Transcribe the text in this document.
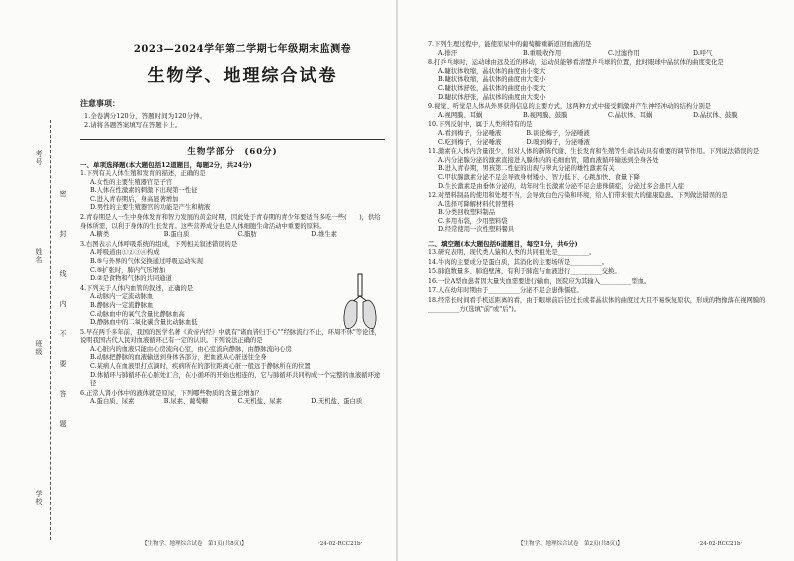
考号
姓名
密
封
线
内
不
要
答
题
班级
学校
2023—2024学年第二学期七年级期末监测卷
生物学、地理综合试卷
注意事项：
1.全卷满分120分，答题时间为120分钟。
2.请将各题答案填写在答题卡上。
生物学部分　(60分)
一、单项选择题(本大题包括12道题目，每题2分，共24分)
1.下列有关人体生殖和发育的描述，正确的是
A.女性的主要生殖器官是子宫
B.人体在性激素的刺激下出现第一性征
C.进入青春期后，身高显著增加
D.男性的主要生殖器官的功能是产生和精液
2.青春期是人一生中身体发育和智力发展的黄金时期，因此处于青春期的青少年要适当多吃一些(　　)，供给身体所需，以利于身体的生长发育。这些营养成分也是人体细胞生命活动中重要的原料。
A.糖类	B.蛋白质	C.脂肪	D.维生素
3.右图表示人体呼吸系统的组成，下列相关叙述错误的是
A.呼吸道由①②③④构成
B.⑤与外界的气体交换通过呼吸运动实现
C.⑤扩张时，肺内气压增加
D.②是食物和气体的共同通道
4.下列关于人体内血管的叙述，正确的是
A.动脉内一定流动脉血
B.静脉内一定流静脉血
C.动脉血中的氧气含量比静脉血高
D.静脉血中的二氧化碳含量比动脉血低
5.早在两千多年前，我国的医学名著《黄帝内经》中就有"诸血皆归于心""经脉流行不止，环周不休"等论述，说明我国古代人民对血液循环已有一定的认识。下列说法正确的是
A.心脏内的血液只能由心房流向心室，由心室流向静脉，由静脉流向心房
B.动脉把静脉的血液输送到身体各部分，把血液从心脏送往全身
C.某病人在血液里打点滴时，疾病所在的部位距离心脏一般远于静脉所在的位置
D.体循环与肺循环在心脏处汇合，在小循环的开始也相连的，它与肺循环共同构成一个完整的血液循环途径
6.正常人肾小体中的液体就是原尿，下列哪些物质的含量会增加？
A.蛋白质、尿素	B.尿素、葡萄糖	C.无机盐、尿素	D.无机盐、蛋白质
【生物学、地理综合试卷　第1页(共8页)】	·24-02-RCC21b·
7.下列生理过程中，能使原尿中的葡萄糖重新返回血液的是
A.排汗	B.重吸收作用	C.过滤作用	D.呼气
8.打乒乓球时，运动球由远及近的移动，运动员能够看清楚乒乓球的位置，此时眼球中晶状体的曲度变化是
A.睫状体收缩，晶状体的曲度由小变大
B.睫状体收缩，晶状体的曲度由大变小
C.睫状体舒张，晶状体的曲度由小变大
D.睫状体舒张，晶状体的曲度由大变小
9.视觉、听觉是人体从外界获得信息的主要方式，这两种方式中接受刺激并产生神经冲动的结构分别是
A.视网膜、耳蜗	B.视网膜、鼓膜	C.晶状体、耳蜗	D.晶状体、鼓膜
10.下列反射中，属于人类所特有的是
A.看到梅子，分泌唾液　　　　B.谈论梅子，分泌唾液
C.吃到梅子，分泌唾液　　　　D.嗅到梅子，分泌唾液
11.激素在人体内含量很少，但对人体的新陈代谢、生长发育和生殖等生命活动具有重要的调节作用。下列说法错误的是
A.内分泌腺分泌的激素直接进入腺体内的毛细血管，随血液循环输送到全身各处
B.进入青春期，男孩第二性征的出现与睾丸分泌的雄性激素有关
C.甲状腺激素分泌不足会导致身材矮小、智力低下、心跳加快、食量下降
D.生长激素是由垂体分泌的，幼年时生长激素分泌不足会患侏儒症，分泌过多会患巨人症
12.对塑料制品的使用和处理不当，会导致白色污染和环境，给人们带来很大的健康隐患。下列做法错误的是
A.选择可降解材料代替塑料
B.分类回收塑料制品
C.多用布袋，少用塑料袋
D.经常使用一次性塑料餐具
二、填空题(本大题包括6道题目，每空1分，共6分)
13.研究表明，现代类人猿和人类的共同祖先是__________。
14.牛肉的主要成分是蛋白质，其消化的主要场所是__________。
15.肺泡数量多、肺泡壁薄，有利于肺泡与血液进行__________交换。
16.一位A型血患者因大量失血需要进行输血，医院应为其输入__________型血。
17.人在幼年时期由于__________分泌不足会患侏儒症。
18.经常长时间看手机近距离的看，由于眼球前后径过长或者晶状体的曲度过大且不易恢复原状，形成的物像落在视网膜的__________方(选填"前"或"后")。
【生物学、地理综合试卷　第2页(共8页)】	·24-02-RCC21b·
